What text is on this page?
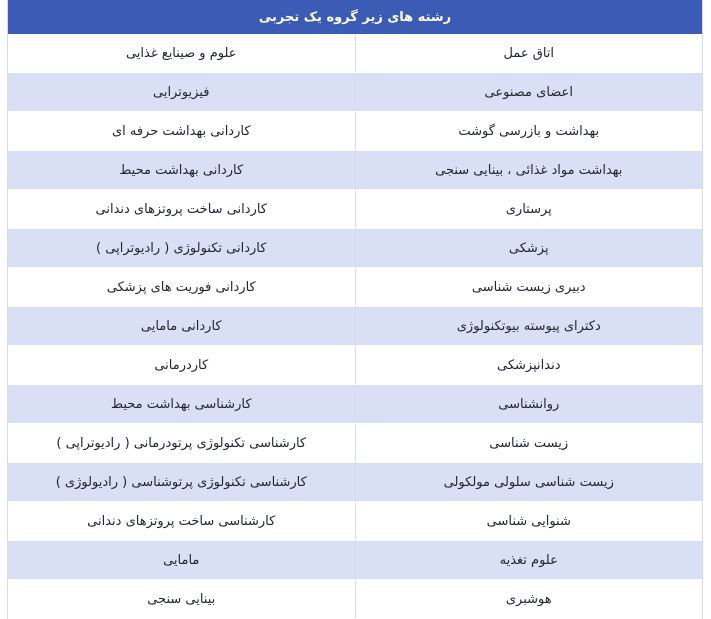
رشته های زیر گروه یک تجربی	
اتاق عمل	علوم و صینایع غذایی
اعضای مصنوعی	فیزیوترایی
بهداشت و بازرسی گوشت	کاردانی بهداشت حرفه ای
بهداشت مواد غذائی ، بینایی سنجی	کاردانی بهداشت محیط
پرستاری	کاردانی ساخت پروتزهای دندانی
پزشکی	کاردانی تکنولوژی ( رادیوتراپی )
دبیری زیست شناسی	کاردانی فوریت های پزشکی
دکترای پیوسته بیوتکنولوژی	کاردانی مامایی
دندانپزشکی	کاردرمانی
روانشناسی	کارشناسی بهداشت محیط
زیست شناسی	کارشناسی تکنولوژی پرتودرمانی ( رادیوتراپی )
زیست شناسی سلولی مولکولی	کارشناسی تکنولوژی پرتوشناسی ( رادیولوژی )
شنوایی شناسی	کارشناسی ساخت پروتزهای دندانی
علوم تغذیه	مامایی
هوشبری	بینایی سنجی
